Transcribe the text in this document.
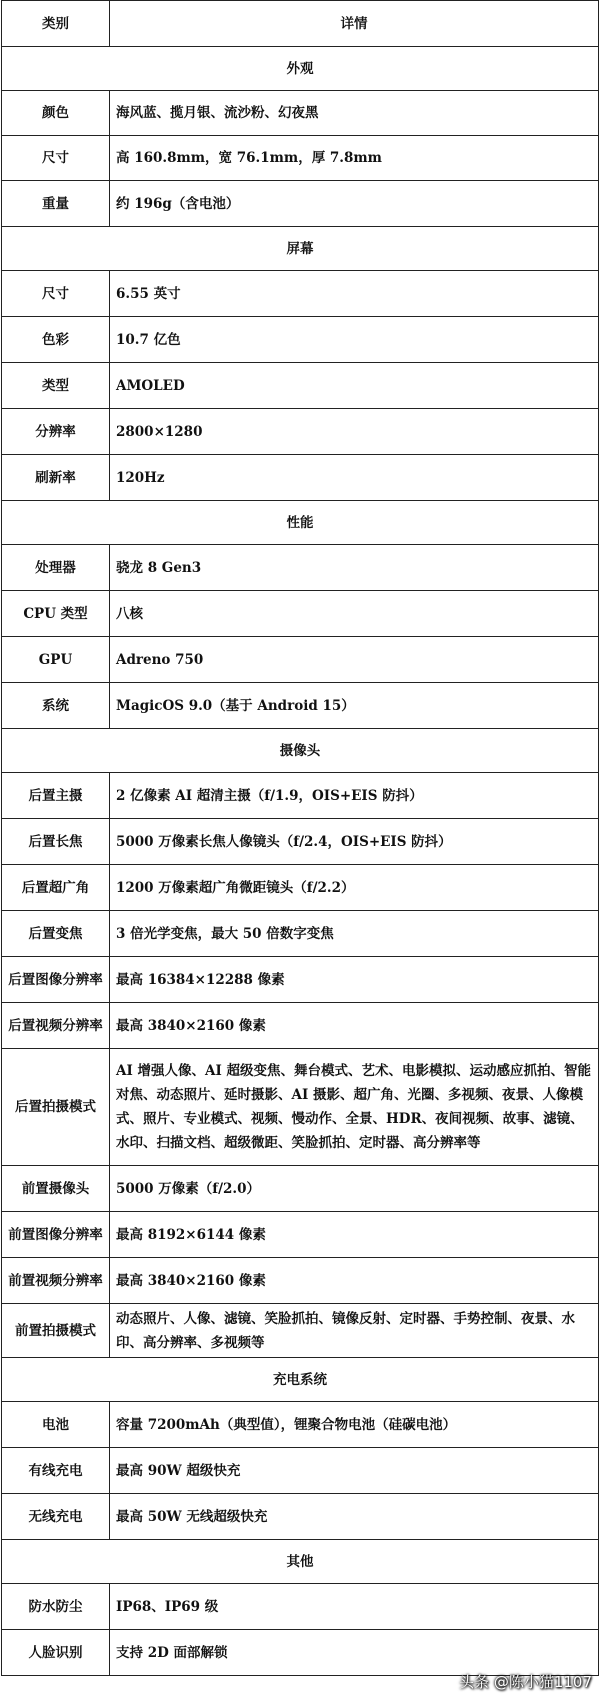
类别	详情
外观	
颜色	海风蓝、揽月银、流沙粉、幻夜黑
尺寸	高 160.8mm，宽 76.1mm，厚 7.8mm
重量	约 196g（含电池）
屏幕	
尺寸	6.55 英寸
色彩	10.7 亿色
类型	AMOLED
分辨率	2800×1280
刷新率	120Hz
性能	
处理器	骁龙 8 Gen3
CPU 类型	八核
GPU	Adreno 750
系统	MagicOS 9.0（基于 Android 15）
摄像头	
后置主摄	2 亿像素 AI 超清主摄（f/1.9，OIS+EIS 防抖）
后置长焦	5000 万像素长焦人像镜头（f/2.4，OIS+EIS 防抖）
后置超广角	1200 万像素超广角微距镜头（f/2.2）
后置变焦	3 倍光学变焦，最大 50 倍数字变焦
后置图像分辨率	最高 16384×12288 像素
后置视频分辨率	最高 3840×2160 像素
后置拍摄模式	AI 增强人像、AI 超级变焦、舞台模式、艺术、电影模拟、运动感应抓拍、智能对焦、动态照片、延时摄影、AI 摄影、超广角、光圈、多视频、夜景、人像模式、照片、专业模式、视频、慢动作、全景、HDR、夜间视频、故事、滤镜、水印、扫描文档、超级微距、笑脸抓拍、定时器、高分辨率等
前置摄像头	5000 万像素（f/2.0）
前置图像分辨率	最高 8192×6144 像素
前置视频分辨率	最高 3840×2160 像素
前置拍摄模式	动态照片、人像、滤镜、笑脸抓拍、镜像反射、定时器、手势控制、夜景、水印、高分辨率、多视频等
充电系统	
电池	容量 7200mAh（典型值），锂聚合物电池（硅碳电池）
有线充电	最高 90W 超级快充
无线充电	最高 50W 无线超级快充
其他	
防水防尘	IP68、IP69 级
人脸识别	支持 2D 面部解锁
头条 @陈小猫1107
